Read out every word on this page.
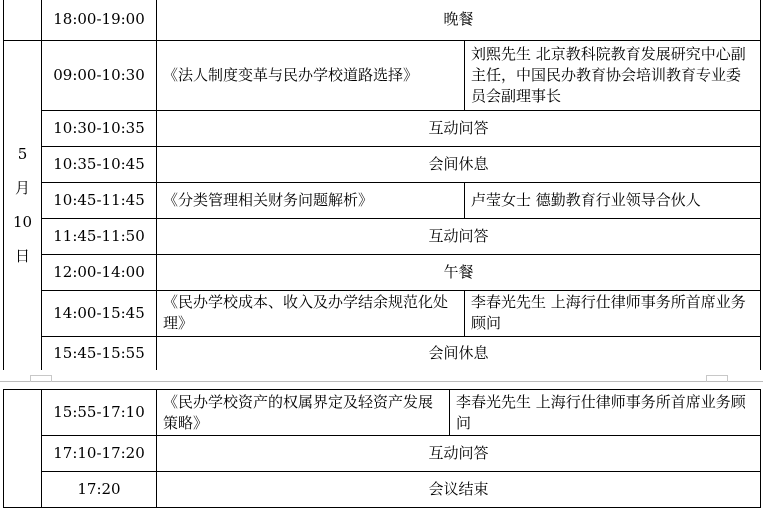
	18:00-19:00	晚餐	

5
月
10
日	09:00-10:30	《法人制度变革与民办学校道路选择》	刘熙先生 北京教科院教育发展研究中心副主任，中国民办教育协会培训教育专业委员会副理事长
	10:30-10:35	互动问答	
	10:35-10:45	会间休息	
	10:45-11:45	《分类管理相关财务问题解析》	卢莹女士 德勤教育行业领导合伙人
	11:45-11:50	互动问答	
	12:00-14:00	午餐	
	14:00-15:45	《民办学校成本、收入及办学结余规范化处理》	李春光先生 上海行仕律师事务所首席业务顾问
	15:45-15:55	会间休息	
	15:55-17:10	《民办学校资产的权属界定及轻资产发展策略》	李春光先生 上海行仕律师事务所首席业务顾问
	17:10-17:20	互动问答	
	17:20	会议结束	
